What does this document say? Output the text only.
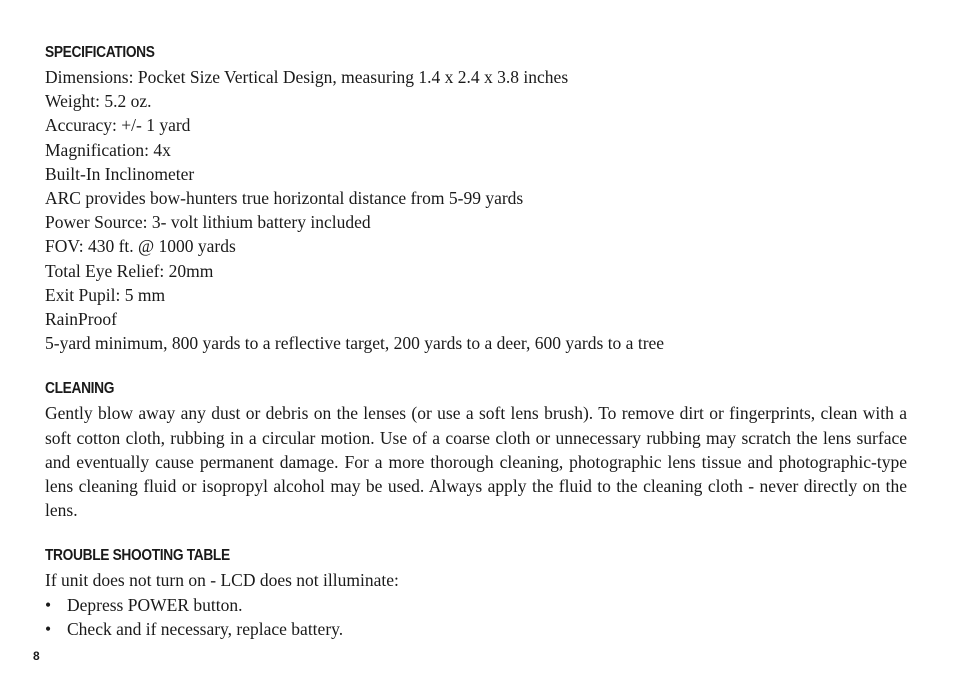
SPECIFICATIONS
Dimensions: Pocket Size Vertical Design, measuring 1.4 x 2.4 x 3.8 inches
Weight: 5.2 oz.
Accuracy: +/- 1 yard
Magnification: 4x
Built-In Inclinometer
ARC provides bow-hunters true horizontal distance from 5-99 yards
Power Source: 3- volt lithium battery included
FOV: 430 ft. @ 1000 yards
Total Eye Relief: 20mm
Exit Pupil: 5 mm
RainProof
5-yard minimum, 800 yards to a reflective target, 200 yards to a deer, 600 yards to a tree
CLEANING

Gently blow away any dust or debris on the lenses (or use a soft lens brush). To remove dirt or fingerprints, clean with a soft cotton cloth, rubbing in a circular motion. Use of a coarse cloth or unnecessary rubbing may scratch the lens surface and eventually cause permanent damage. For a more thorough cleaning, photographic lens tissue and photographic-type lens cleaning fluid or isopropyl alcohol may be used. Always apply the fluid to the cleaning cloth - never directly on the lens.

TROUBLE SHOOTING TABLE
If unit does not turn on - LCD does not illuminate:
• Depress POWER button.
• Check and if necessary, replace battery.
8
